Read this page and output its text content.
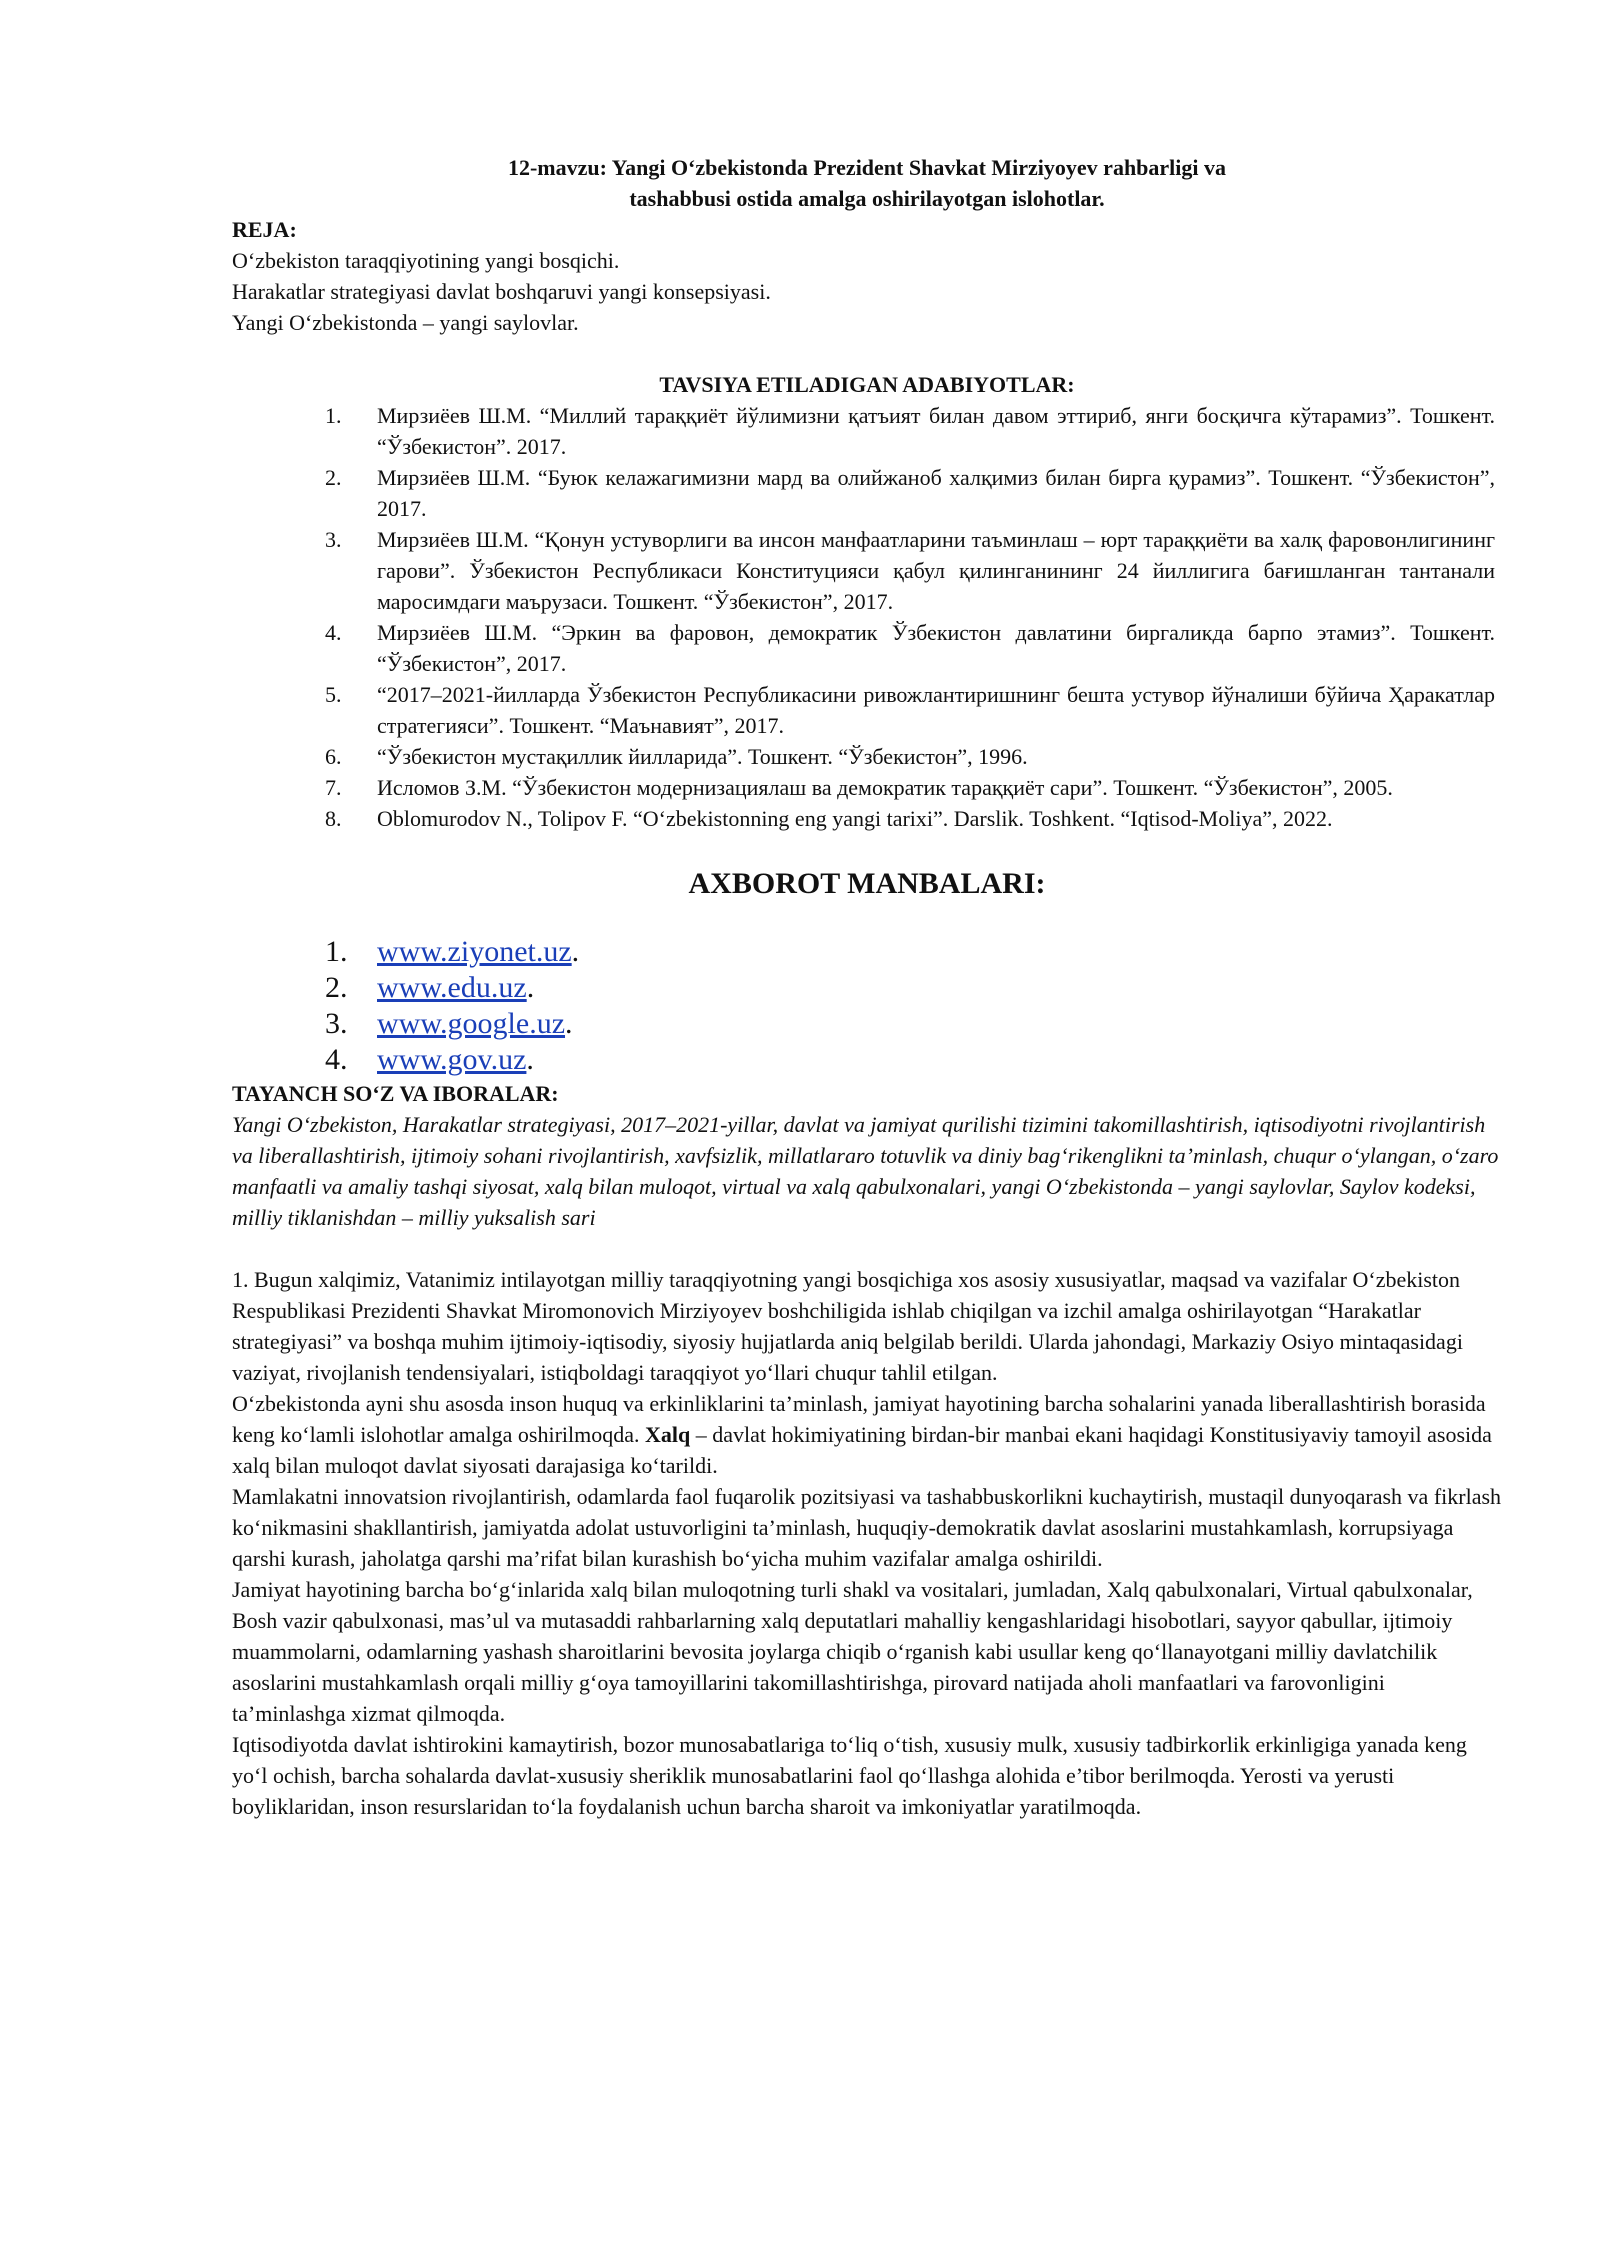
12-mavzu: Yangi O‘zbekistonda Prezident Shavkat Mirziyoyev rahbarligi va
tashabbusi ostida amalga oshirilayotgan islohotlar.

REJA:

O‘zbekiston taraqqiyotining yangi bosqichi.

Harakatlar strategiyasi davlat boshqaruvi yangi konsepsiyasi.

Yangi O‘zbekistonda – yangi saylovlar.

TAVSIYA ETILADIGAN ADABIYOTLAR:

1. Мирзиёев Ш.М. “Миллий тараққиёт йўлимизни қатъият билан давом эттириб, янги босқичга кўтарамиз”. Тошкент. “Ўзбекистон”. 2017.
2. Мирзиёев Ш.М. “Буюк келажагимизни мард ва олийжаноб халқимиз билан бирга қурамиз”. Тошкент. “Ўзбекистон”, 2017.
3. Мирзиёев Ш.М. “Қонун устуворлиги ва инсон манфаатларини таъминлаш – юрт тараққиёти ва халқ фаровонлигининг гарови”. Ўзбекистон Республикаси Конституцияси қабул қилинганининг 24 йиллигига бағишланган тантанали маросимдаги маърузаси. Тошкент. “Ўзбекистон”, 2017.
4. Мирзиёев Ш.М. “Эркин ва фаровон, демократик Ўзбекистон давлатини биргаликда барпо этамиз”. Тошкент. “Ўзбекистон”, 2017.
5. “2017–2021-йилларда Ўзбекистон Республикасини ривожлантиришнинг бешта устувор йўналиши бўйича Ҳаракатлар стратегияси”. Тошкент. “Маънавият”, 2017.
6. “Ўзбекистон мустақиллик йилларида”. Тошкент. “Ўзбекистон”, 1996.
7. Исломов З.М. “Ўзбекистон модернизациялаш ва демократик тараққиёт сари”. Тошкент. “Ўзбекистон”, 2005.
8. Oblomurodov N., Tolipov F. “O‘zbekistonning eng yangi tarixi”. Darslik. Toshkent. “Iqtisod-Moliya”, 2022.

AXBOROT MANBALARI:

1. www.ziyonet.uz.
2. www.edu.uz.
3. www.google.uz.
4. www.gov.uz.

TAYANCH SO‘Z VA IBORALAR:

Yangi O‘zbekiston, Harakatlar strategiyasi, 2017–2021-yillar, davlat va jamiyat qurilishi tizimini takomillashtirish, iqtisodiyotni rivojlantirish va liberallashtirish, ijtimoiy sohani rivojlantirish, xavfsizlik, millatlararo totuvlik va diniy bag‘rikenglikni ta’minlash, chuqur o‘ylangan, o‘zaro manfaatli va amaliy tashqi siyosat, xalq bilan muloqot, virtual va xalq qabulxonalari, yangi O‘zbekistonda – yangi saylovlar, Saylov kodeksi, milliy tiklanishdan – milliy yuksalish sari

1. Bugun xalqimiz, Vatanimiz intilayotgan milliy taraqqiyotning yangi bosqichiga xos asosiy xususiyatlar, maqsad va vazifalar O‘zbekiston Respublikasi Prezidenti Shavkat Miromonovich Mirziyoyev boshchiligida ishlab chiqilgan va izchil amalga oshirilayotgan “Harakatlar strategiyasi” va boshqa muhim ijtimoiy-iqtisodiy, siyosiy hujjatlarda aniq belgilab berildi. Ularda jahondagi, Markaziy Osiyo mintaqasidagi vaziyat, rivojlanish tendensiyalari, istiqboldagi taraqqiyot yo‘llari chuqur tahlil etilgan.

O‘zbekistonda ayni shu asosda inson huquq va erkinliklarini ta’minlash, jamiyat hayotining barcha sohalarini yanada liberallashtirish borasida keng ko‘lamli islohotlar amalga oshirilmoqda. Xalq – davlat hokimiyatining birdan-bir manbai ekani haqidagi Konstitusiyaviy tamoyil asosida xalq bilan muloqot davlat siyosati darajasiga ko‘tarildi.

Mamlakatni innovatsion rivojlantirish, odamlarda faol fuqarolik pozitsiyasi va tashabbuskorlikni kuchaytirish, mustaqil dunyoqarash va fikrlash ko‘nikmasini shakllantirish, jamiyatda adolat ustuvorligini ta’minlash, huquqiy-demokratik davlat asoslarini mustahkamlash, korrupsiyaga qarshi kurash, jaholatga qarshi ma’rifat bilan kurashish bo‘yicha muhim vazifalar amalga oshirildi.

Jamiyat hayotining barcha bo‘g‘inlarida xalq bilan muloqotning turli shakl va vositalari, jumladan, Xalq qabulxonalari, Virtual qabulxonalar, Bosh vazir qabulxonasi, mas’ul va mutasaddi rahbarlarning xalq deputatlari mahalliy kengashlaridagi hisobotlari, sayyor qabullar, ijtimoiy muammolarni, odamlarning yashash sharoitlarini bevosita joylarga chiqib o‘rganish kabi usullar keng qo‘llanayotgani milliy davlatchilik asoslarini mustahkamlash orqali milliy g‘oya tamoyillarini takomillashtirishga, pirovard natijada aholi manfaatlari va farovonligini ta’minlashga xizmat qilmoqda.

Iqtisodiyotda davlat ishtirokini kamaytirish, bozor munosabatlariga to‘liq o‘tish, xususiy mulk, xususiy tadbirkorlik erkinligiga yanada keng yo‘l ochish, barcha sohalarda davlat-xususiy sheriklik munosabatlarini faol qo‘llashga alohida e’tibor berilmoqda. Yerosti va yerusti boyliklaridan, inson resurslaridan to‘la foydalanish uchun barcha sharoit va imkoniyatlar yaratilmoqda.
